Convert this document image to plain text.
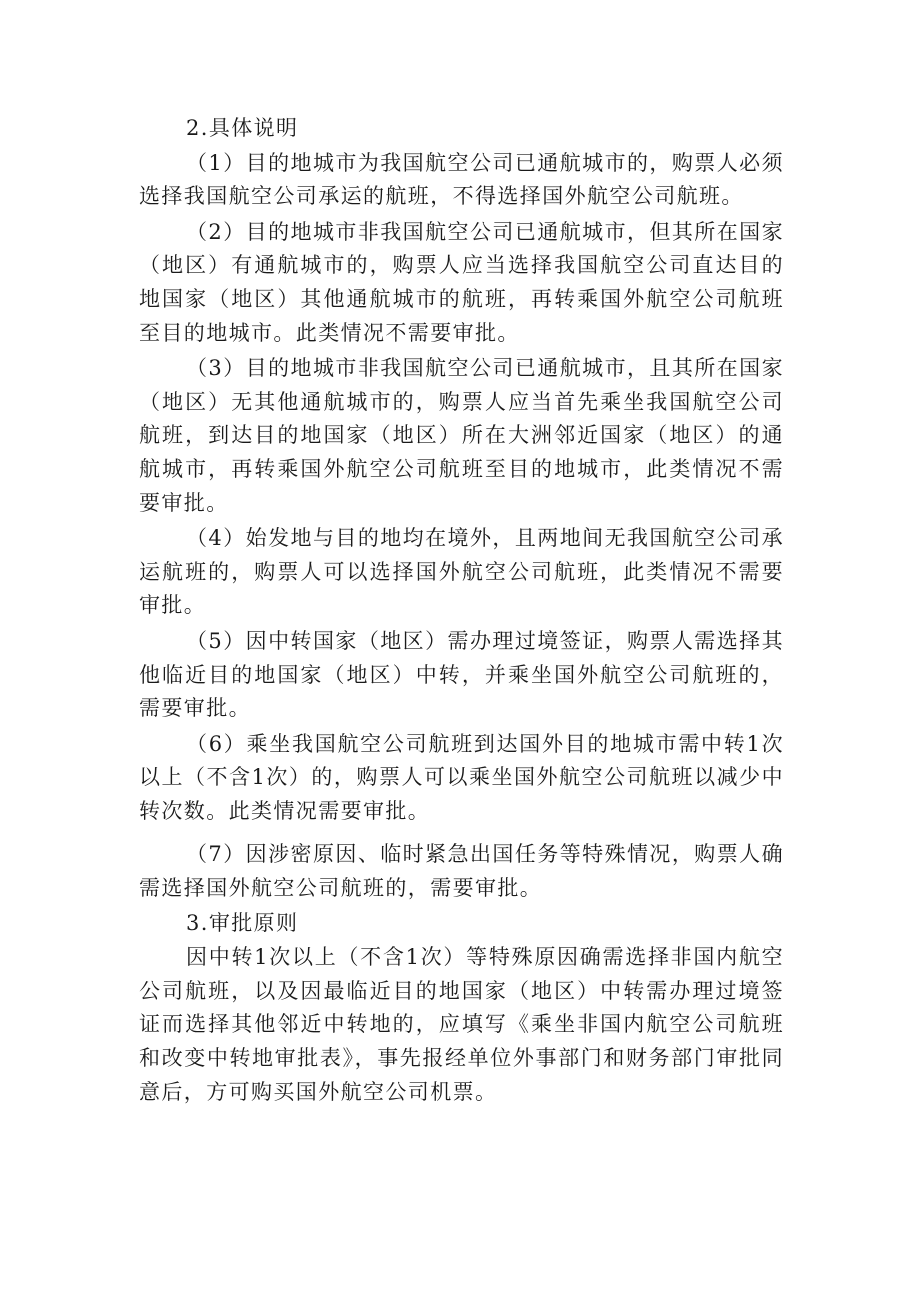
2.具体说明

（1）目的地城市为我国航空公司已通航城市的，购票人必须选择我国航空公司承运的航班，不得选择国外航空公司航班。

（2）目的地城市非我国航空公司已通航城市，但其所在国家（地区）有通航城市的，购票人应当选择我国航空公司直达目的地国家（地区）其他通航城市的航班，再转乘国外航空公司航班至目的地城市。此类情况不需要审批。

（3）目的地城市非我国航空公司已通航城市，且其所在国家（地区）无其他通航城市的，购票人应当首先乘坐我国航空公司航班，到达目的地国家（地区）所在大洲邻近国家（地区）的通航城市，再转乘国外航空公司航班至目的地城市，此类情况不需要审批。

（4）始发地与目的地均在境外，且两地间无我国航空公司承运航班的，购票人可以选择国外航空公司航班，此类情况不需要审批。

（5）因中转国家（地区）需办理过境签证，购票人需选择其他临近目的地国家（地区）中转，并乘坐国外航空公司航班的，需要审批。

（6）乘坐我国航空公司航班到达国外目的地城市需中转1次以上（不含1次）的，购票人可以乘坐国外航空公司航班以减少中转次数。此类情况需要审批。

（7）因涉密原因、临时紧急出国任务等特殊情况，购票人确需选择国外航空公司航班的，需要审批。

3.审批原则

因中转1次以上（不含1次）等特殊原因确需选择非国内航空公司航班，以及因最临近目的地国家（地区）中转需办理过境签证而选择其他邻近中转地的，应填写《乘坐非国内航空公司航班和改变中转地审批表》，事先报经单位外事部门和财务部门审批同意后，方可购买国外航空公司机票。
